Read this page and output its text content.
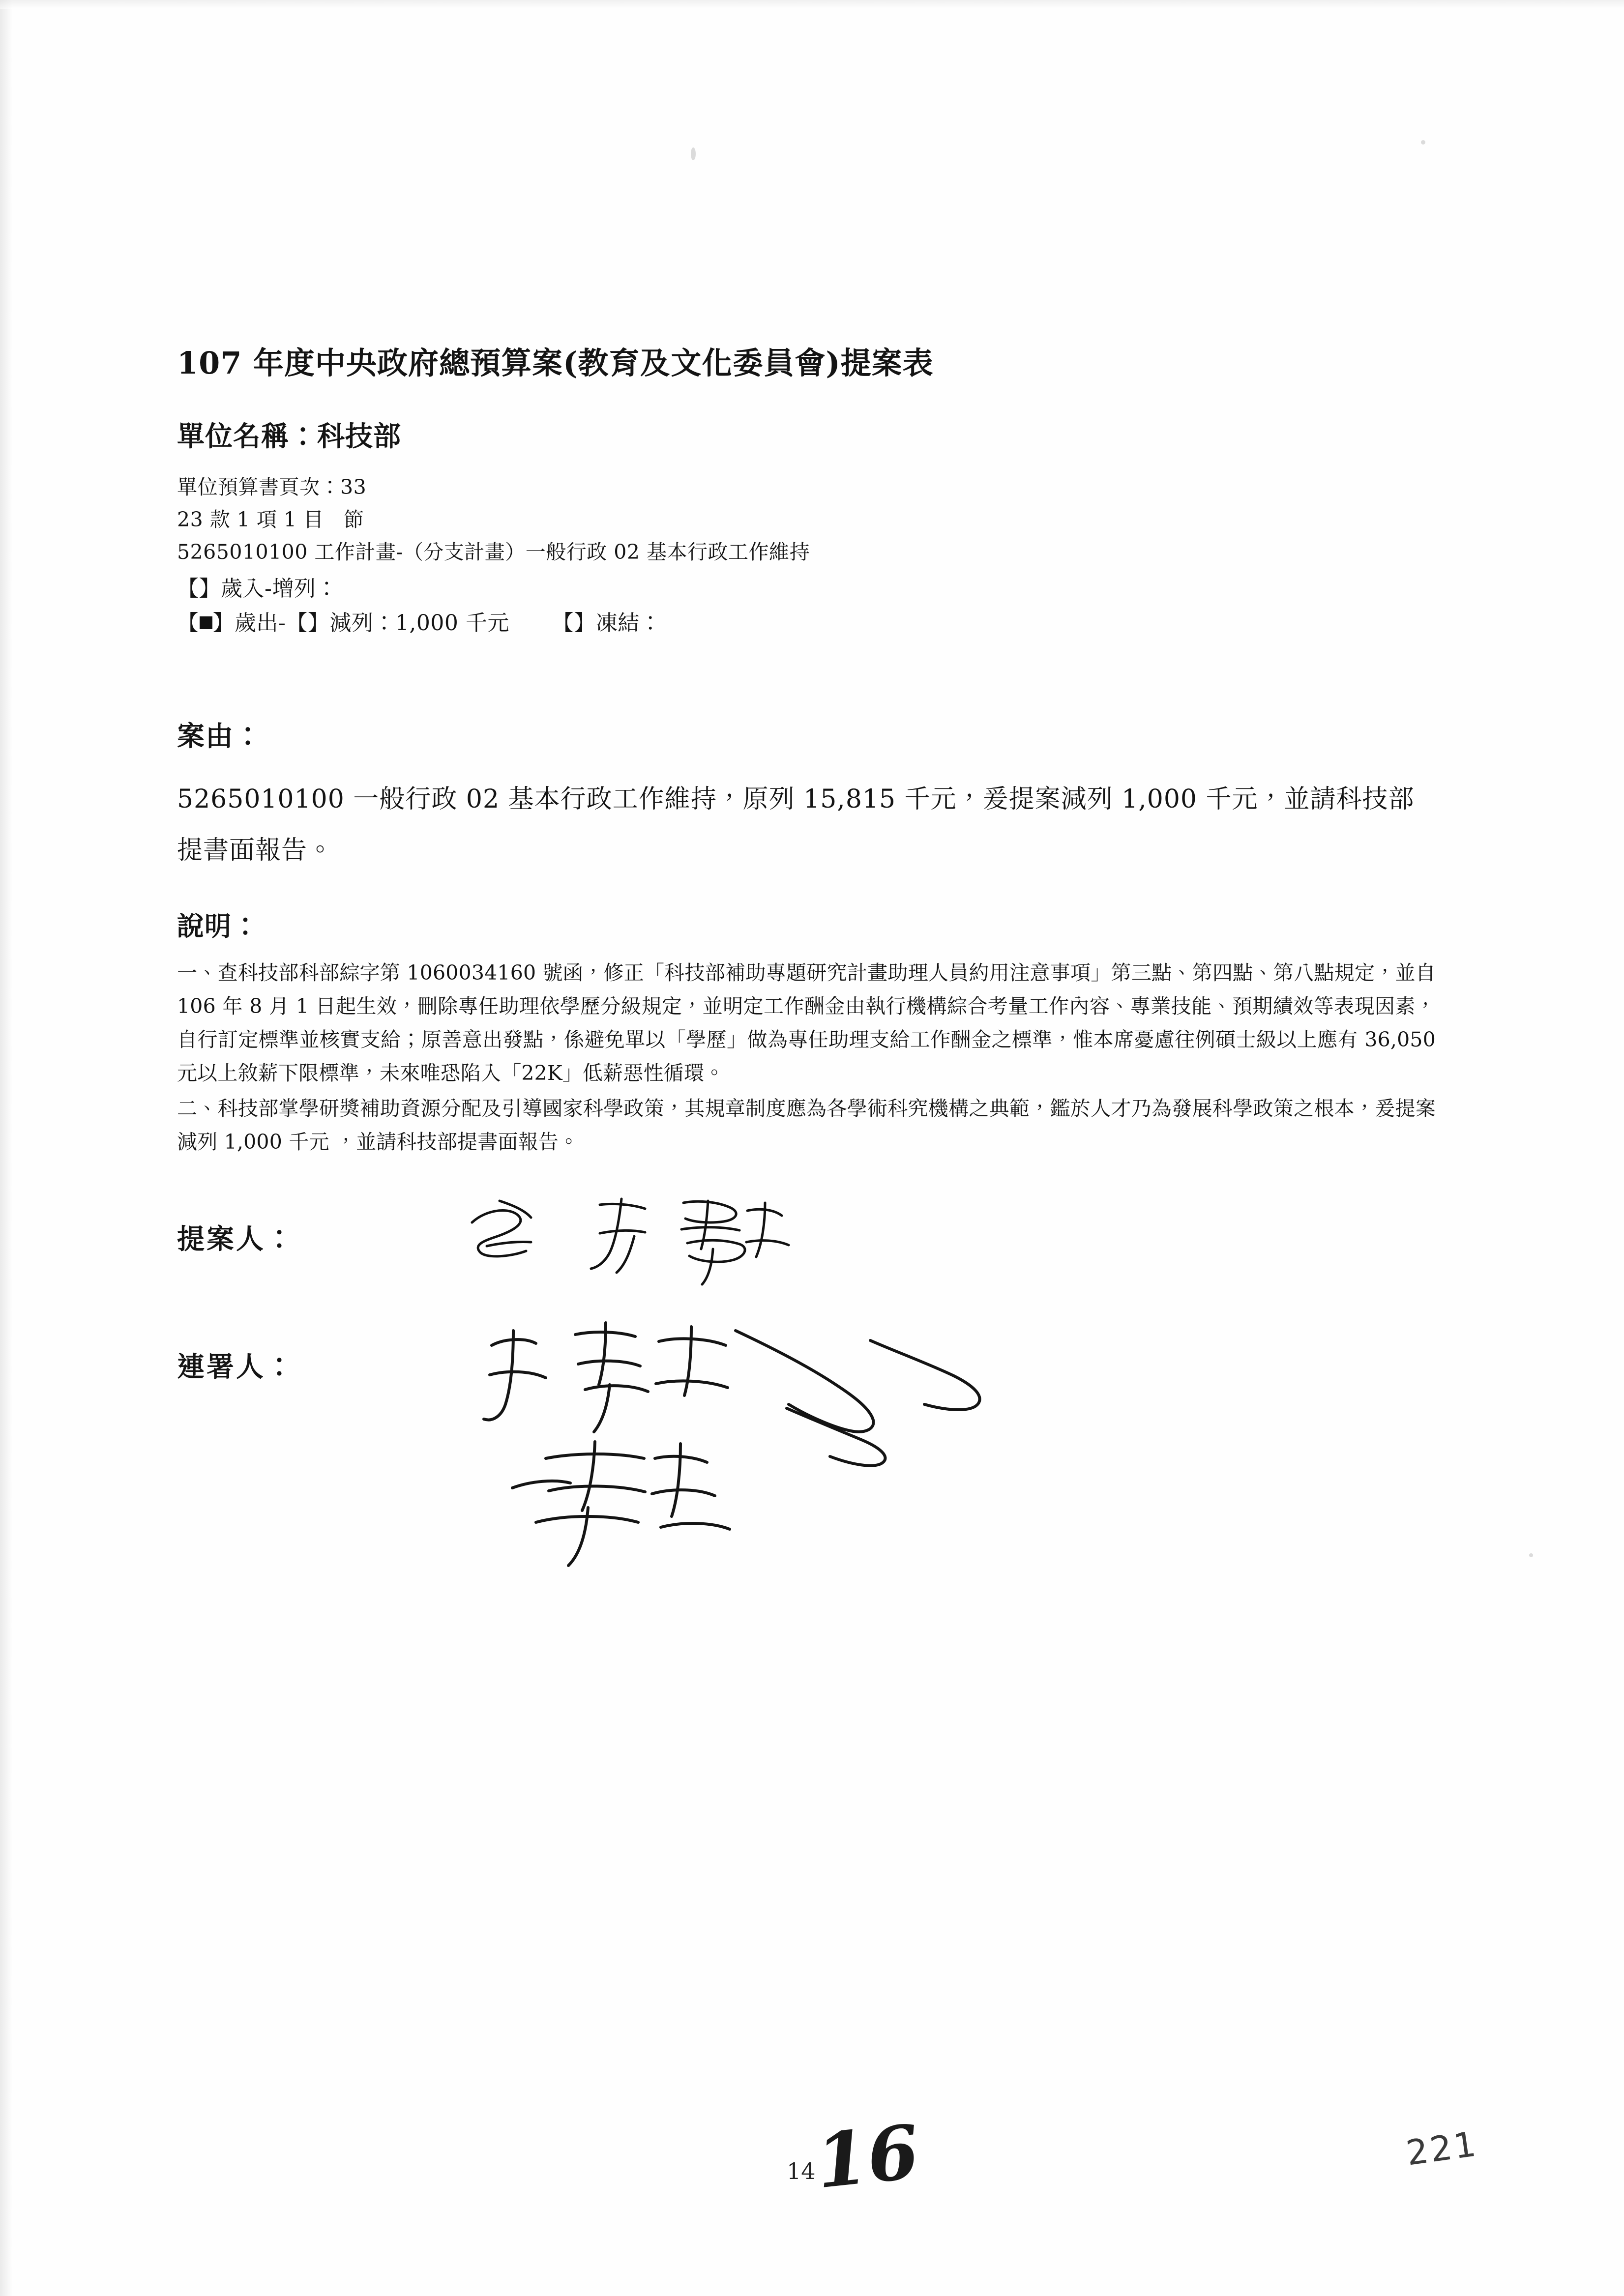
107 年度中央政府總預算案(教育及文化委員會)提案表
單位名稱：科技部
單位預算書頁次：33
23 款 1 項 1 目   節
5265010100 工作計畫-（分支計畫）一般行政 02 基本行政工作維持
【】歲入-增列：
【 】歲出-【】減列：1,000 千元 【】凍結：
案由：
5265010100 一般行政 02 基本行政工作維持，原列 15,815 千元，爰提案減列 1,000 千元，並請科技部提書面報告。
說明：
一、查科技部科部綜字第 1060034160 號函，修正「科技部補助專題研究計畫助理人員約用注意事項」第三點、第四點、第八點規定，並自 106 年 8 月 1 日起生效，刪除專任助理依學歷分級規定，並明定工作酬金由執行機構綜合考量工作內容、專業技能、預期績效等表現因素，自行訂定標準並核實支給；原善意出發點，係避免單以「學歷」做為專任助理支給工作酬金之標準，惟本席憂慮往例碩士級以上應有 36,050 元以上敘薪下限標準，未來唯恐陷入「22K」低薪惡性循環。
二、科技部掌學研獎補助資源分配及引導國家科學政策，其規章制度應為各學術科究機構之典範，鑑於人才乃為發展科學政策之根本，爰提案減列 1,000 千元 ，並請科技部提書面報告。
提案人：
連署人：
14
16	221
